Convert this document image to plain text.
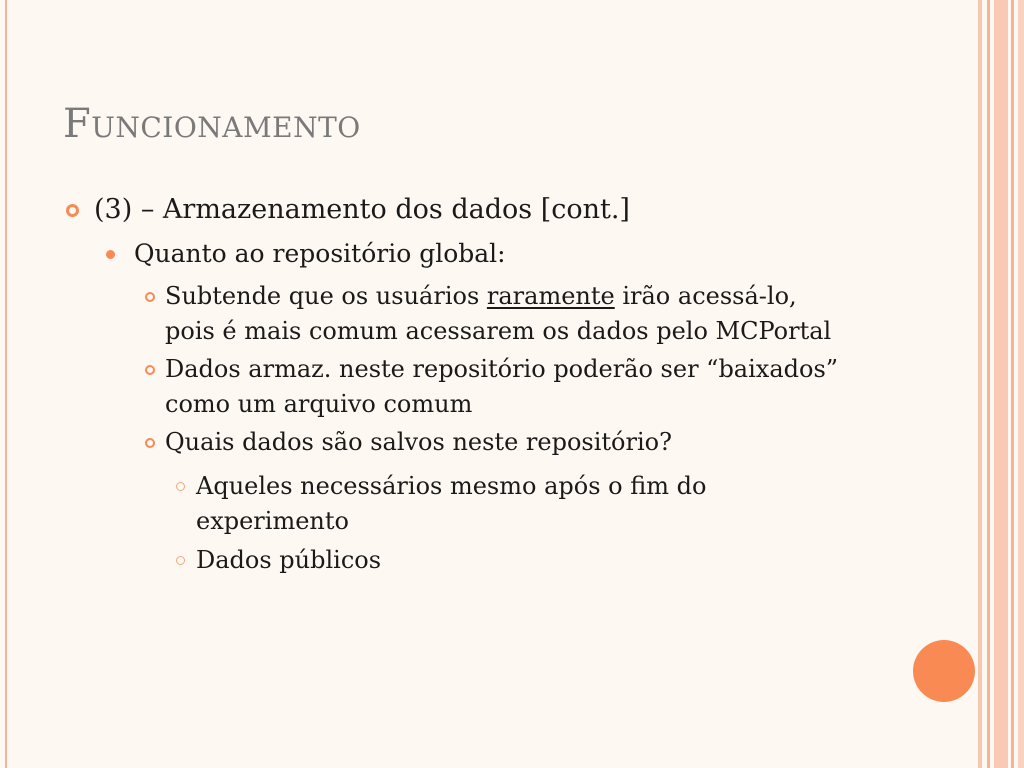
Funcionamento
(3) – Armazenamento dos dados [cont.]
Quanto ao repositório global:
Subtende que os usuários raramente irão acessá-lo,
pois é mais comum acessarem os dados pelo MCPortal
Dados armaz. neste repositório poderão ser “baixados”
como um arquivo comum
Quais dados são salvos neste repositório?
Aqueles necessários mesmo após o fim do
experimento
Dados públicos
